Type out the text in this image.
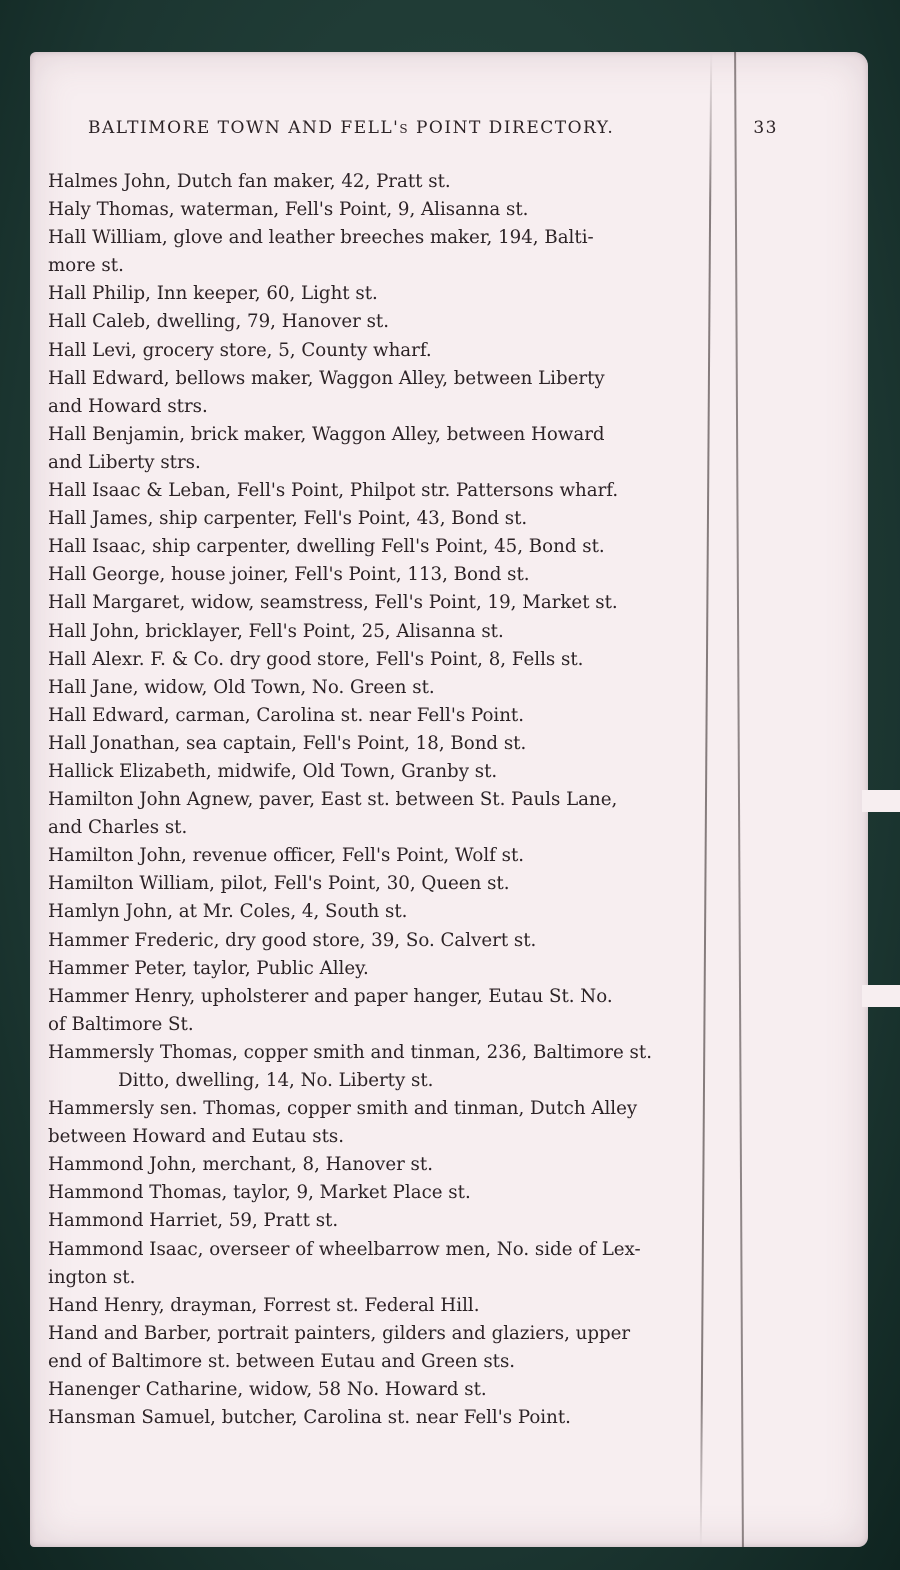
BALTIMORE TOWN AND FELL's POINT DIRECTORY.	33

Halmes John, Dutch fan maker, 42, Pratt st.

Haly Thomas, waterman, Fell's Point, 9, Alisanna st.

Hall William, glove and leather breeches maker, 194, Balti-
more st.

Hall Philip, Inn keeper, 60, Light st.

Hall Caleb, dwelling, 79, Hanover st.

Hall Levi, grocery store, 5, County wharf.

Hall Edward, bellows maker, Waggon Alley, between Liberty
and Howard strs.

Hall Benjamin, brick maker, Waggon Alley, between Howard
and Liberty strs.

Hall Isaac & Leban, Fell's Point, Philpot str. Pattersons wharf.

Hall James, ship carpenter, Fell's Point, 43, Bond st.

Hall Isaac, ship carpenter, dwelling Fell's Point, 45, Bond st.

Hall George, house joiner, Fell's Point, 113, Bond st.

Hall Margaret, widow, seamstress, Fell's Point, 19, Market st.

Hall John, bricklayer, Fell's Point, 25, Alisanna st.

Hall Alexr. F. & Co. dry good store, Fell's Point, 8, Fells st.

Hall Jane, widow, Old Town, No. Green st.

Hall Edward, carman, Carolina st. near Fell's Point.

Hall Jonathan, sea captain, Fell's Point, 18, Bond st.

Hallick Elizabeth, midwife, Old Town, Granby st.

Hamilton John Agnew, paver, East st. between St. Pauls Lane,
and Charles st.

Hamilton John, revenue officer, Fell's Point, Wolf st.

Hamilton William, pilot, Fell's Point, 30, Queen st.

Hamlyn John, at Mr. Coles, 4, South st.

Hammer Frederic, dry good store, 39, So. Calvert st.

Hammer Peter, taylor, Public Alley.

Hammer Henry, upholsterer and paper hanger, Eutau St. No.
of Baltimore St.

Hammersly Thomas, copper smith and tinman, 236, Baltimore st.

Ditto, dwelling, 14, No. Liberty st.

Hammersly sen. Thomas, copper smith and tinman, Dutch Alley
between Howard and Eutau sts.

Hammond John, merchant, 8, Hanover st.

Hammond Thomas, taylor, 9, Market Place st.

Hammond Harriet, 59, Pratt st.

Hammond Isaac, overseer of wheelbarrow men, No. side of Lex-
ington st.

Hand Henry, drayman, Forrest st. Federal Hill.

Hand and Barber, portrait painters, gilders and glaziers, upper
end of Baltimore st. between Eutau and Green sts.

Hanenger Catharine, widow, 58 No. Howard st.

Hansman Samuel, butcher, Carolina st. near Fell's Point.
